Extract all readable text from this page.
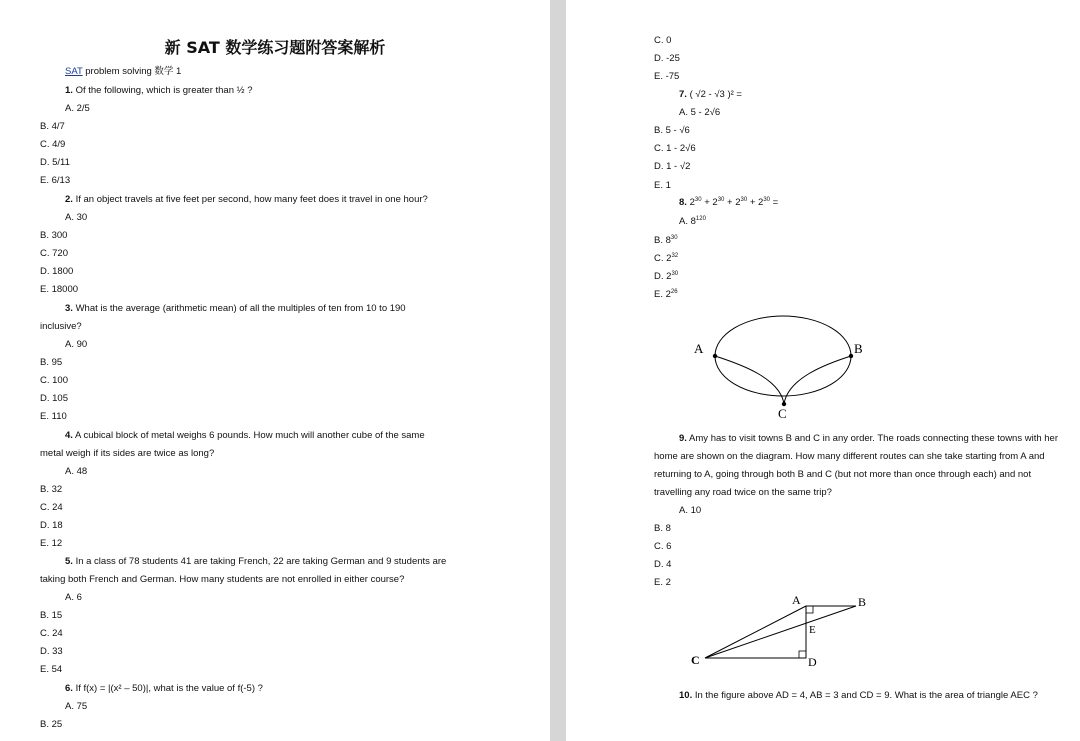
新 SAT 数学练习题附答案解析
SAT problem solving 数学 1
1. Of the following, which is greater than ½ ?
A. 2/5
B. 4/7
C. 4/9
D. 5/11
E. 6/13
2. If an object travels at five feet per second, how many feet does it travel in one hour?
A. 30
B. 300
C. 720
D. 1800
E. 18000
3. What is the average (arithmetic mean) of all the multiples of ten from 10 to 190
inclusive?
A. 90
B. 95
C. 100
D. 105
E. 110
4. A cubical block of metal weighs 6 pounds. How much will another cube of the same
metal weigh if its sides are twice as long?
A. 48
B. 32
C. 24
D. 18
E. 12
5. In a class of 78 students 41 are taking French, 22 are taking German and 9 students are
taking both French and German. How many students are not enrolled in either course?
A. 6
B. 15
C. 24
D. 33
E. 54
6. If f(x) = |(x² – 50)|, what is the value of f(-5) ?
A. 75
B. 25
C. 0
D. -25
E. -75
7. ( √2 - √3 )² =
A. 5 - 2√6
B. 5 - √6
C. 1 - 2√6
D. 1 - √2
E. 1
8. $2^{30} + 2^{30} + 2^{30} + 2^{30}$ =
A. $8^{120}$
B. $8^{30}$
C. $2^{32}$
D. $2^{30}$
E. $2^{26}$
A	B
C
9. Amy has to visit towns B and C in any order. The roads connecting these towns with her
home are shown on the diagram. How many different routes can she take starting from A and
returning to A, going through both B and C (but not more than once through each) and not
travelling any road twice on the same trip?
A. 10
B. 8
C. 6
D. 4
E. 2
A	B
E
C	D
10. In the figure above AD = 4, AB = 3 and CD = 9. What is the area of triangle AEC ?
